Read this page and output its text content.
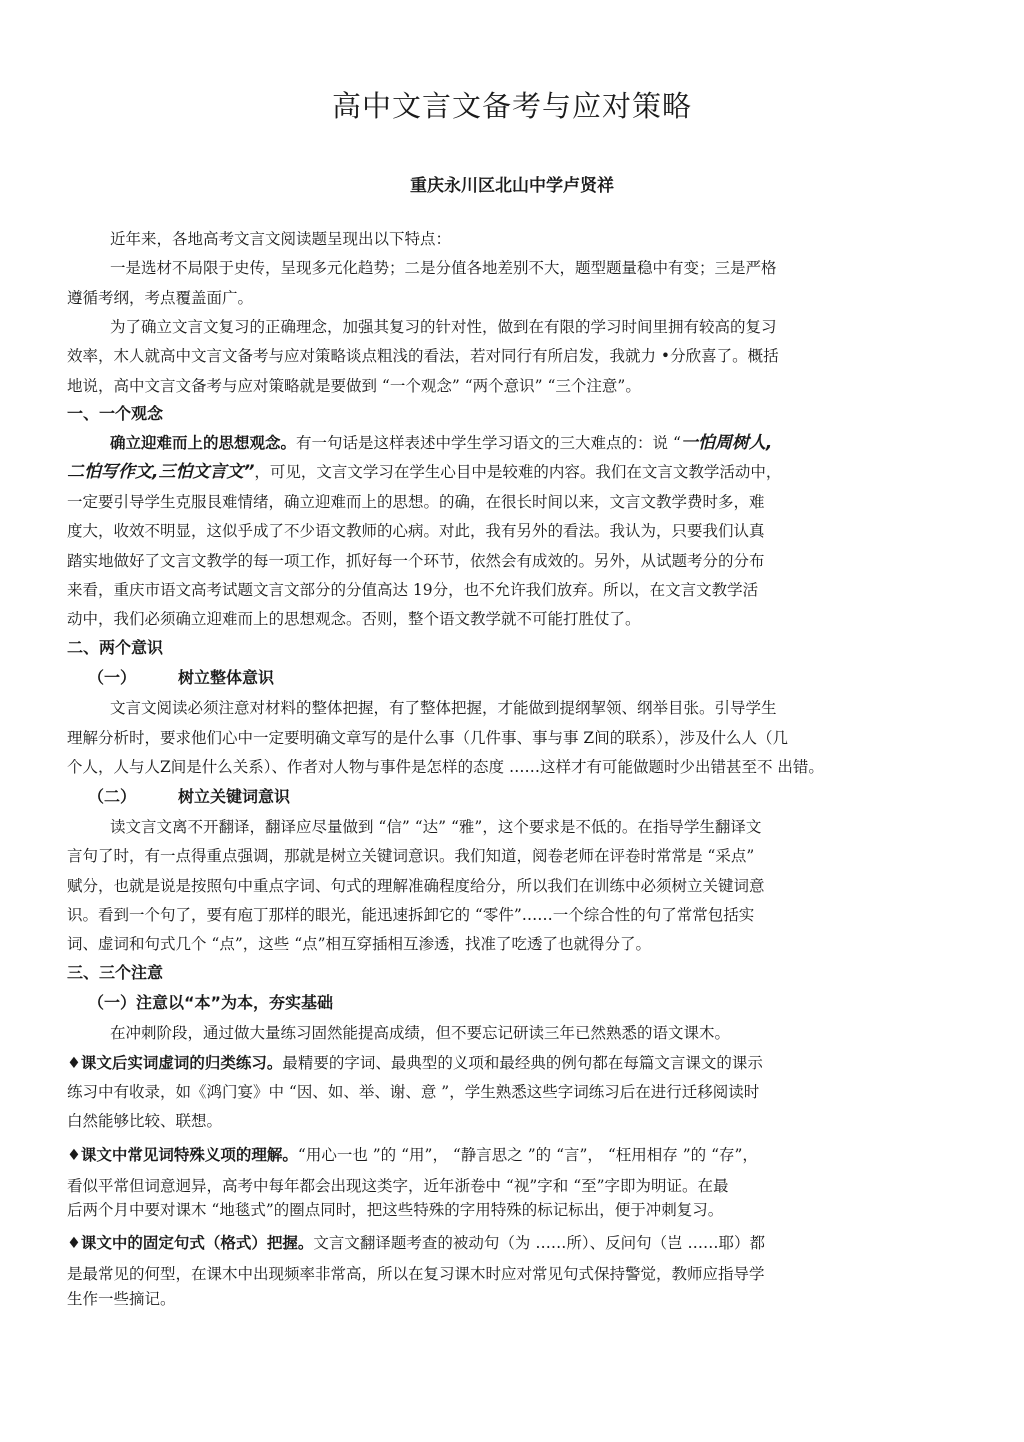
高中文言文备考与应对策略
重庆永川区北山中学卢贤祥
近年来，各地高考文言文阅读题呈现出以下特点：
一是选材不局限于史传，呈现多元化趋势；二是分值各地差别不大，题型题量稳中有变；三是严格
遵循考纲，考点覆盖面广。
为了确立文言文复习的正确理念，加强其复习的针对性，做到在有限的学习时间里拥有较高的复习
效率，木人就高中文言文备考与应对策略谈点粗浅的看法，若对同行有所启发，我就力 •分欣喜了。概括
地说，高中文言文备考与应对策略就是要做到 “一个观念” “两个意识” “三个注意”。
一、一个观念
确立迎难而上的思想观念。有一句话是这样表述中学生学习语文的三大难点的：说 “一怕周树人,
二怕写作文,三怕文言文”，可见，文言文学习在学生心目中是较难的内容。我们在文言文教学活动中，
一定要引导学生克服艮难情绪，确立迎难而上的思想。的确，在很长时间以来，文言文教学费时多，难
度大，收效不明显，这似乎成了不少语文教师的心病。对此，我有另外的看法。我认为，只要我们认真
踏实地做好了文言文教学的每一项工作，抓好每一个环节，依然会有成效的。另外，从试题考分的分布
来看，重庆市语文高考试题文言文部分的分值高达 19分，也不允许我们放弃。所以，在文言文教学活
动中，我们必须确立迎难而上的思想观念。否则，整个语文教学就不可能打胜仗了。
二、两个意识
（一）	树立整体意识
文言文阅读必须注意对材料的整体把握，有了整体把握，才能做到提纲挈领、纲举目张。引导学生
理解分析时，要求他们心中一定要明确文章写的是什么事（几件事、事与事 Z间的联系），涉及什么人（几
个人，人与人Z间是什么关系）、作者对人物与事件是怎样的态度 ……这样才有可能做题时少出错甚至不 出错。
（二）	树立关键词意识
读文言文离不开翻译，翻译应尽量做到 “信” “达” “雅”，这个要求是不低的。在指导学生翻译文
言句了时，有一点得重点强调，那就是树立关键词意识。我们知道，阅卷老师在评卷时常常是 “采点”
赋分，也就是说是按照句中重点字词、句式的理解准确程度给分，所以我们在训练中必须树立关键词意
识。看到一个句了，要有庖丁那样的眼光，能迅速拆卸它的 “零件”……一个综合性的句了常常包括实
词、虚词和句式几个 “点”，这些 “点”相互穿插相互渗透，找准了吃透了也就得分了。
三、三个注意
（一）注意以“本”为本，夯实基础
在冲刺阶段，通过做大量练习固然能提高成绩，但不要忘记研读三年已然熟悉的语文课木。
♦课文后实词虚词的归类练习。最精要的字词、最典型的义项和最经典的例句都在每篇文言课文的课示
练习中有收录，如《鸿门宴》中 “因、如、举、谢、意 ”，学生熟悉这些字词练习后在进行迁移阅读时
白然能够比较、联想。
♦课文中常见词特殊义项的理解。“用心一也 ”的 “用”， “静言思之 ”的 “言”， “枉用相存 ”的 “存”，
看似平常但词意迥异，高考中每年都会出现这类字，近年浙卷中 “视”字和 “至”字即为明证。在最
后两个月中要对课木 “地毯式”的圈点同时，把这些特殊的字用特殊的标记标出，便于冲刺复习。
♦课文中的固定句式（格式）把握。文言文翻译题考查的被动句（为 ……所）、反问句（岂 ……耶）都
是最常见的何型，在课木中出现频率非常高，所以在复习课木时应对常见句式保持警觉，教师应指导学
生作一些摘记。
